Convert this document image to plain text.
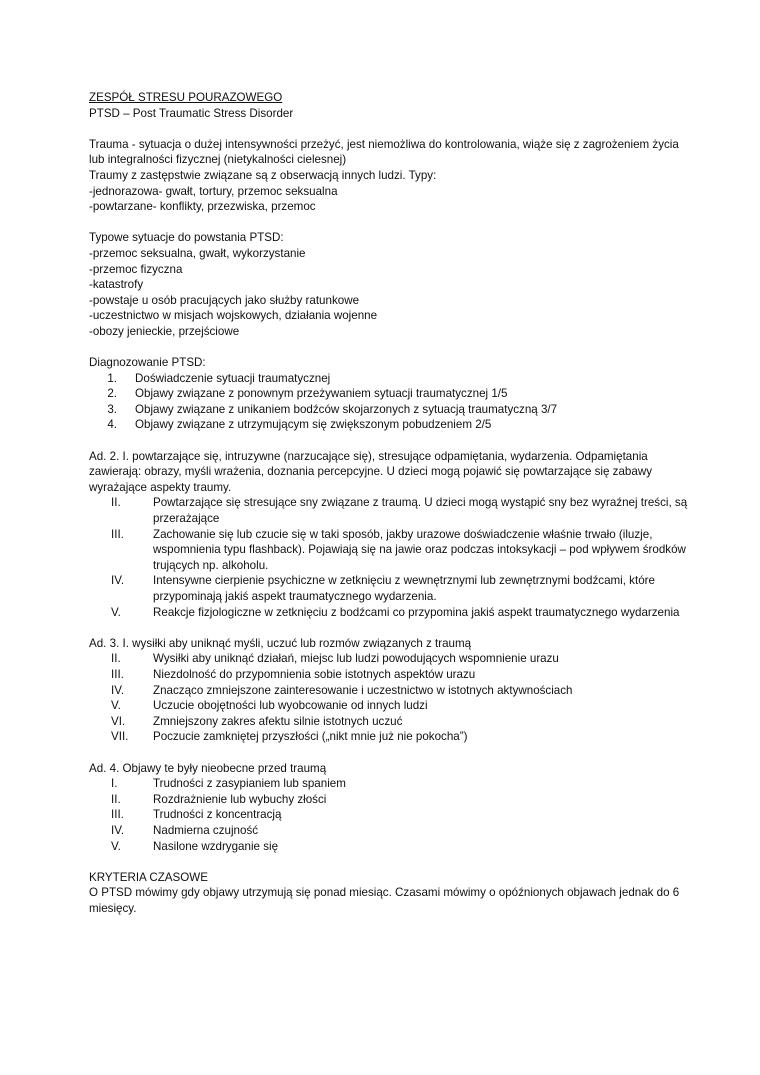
ZESPÓŁ STRESU POURAZOWEGO

PTSD – Post Traumatic Stress Disorder

Trauma - sytuacja o dużej intensywności przeżyć, jest niemożliwa do kontrolowania, wiąże się z zagrożeniem życia lub integralności fizycznej (nietykalności cielesnej)

Traumy z zastępstwie związane są z obserwacją innych ludzi. Typy:

-jednorazowa- gwałt, tortury, przemoc seksualna

-powtarzane- konflikty, przezwiska, przemoc

Typowe sytuacje do powstania PTSD:

-przemoc seksualna, gwałt, wykorzystanie

-przemoc fizyczna

-katastrofy

-powstaje u osób pracujących jako służby ratunkowe

-uczestnictwo w misjach wojskowych, działania wojenne

-obozy jenieckie, przejściowe

Diagnozowanie PTSD:

1.	Doświadczenie sytuacji traumatycznej
2.	Objawy związane z ponownym przeżywaniem sytuacji traumatycznej 1/5
3.	Objawy związane z unikaniem bodźców skojarzonych z sytuacją traumatyczną 3/7
4.	Objawy związane z utrzymującym się zwiększonym pobudzeniem 2/5

Ad. 2. I. powtarzające się, intruzywne (narzucające się), stresujące odpamiętania, wydarzenia. Odpamiętania zawierają: obrazy, myśli wrażenia, doznania percepcyjne. U dzieci mogą pojawić się powtarzające się zabawy wyrażające aspekty traumy.

II.	Powtarzające się stresujące sny związane z traumą. U dzieci mogą wystąpić sny bez wyraźnej treści, są przerażające
III.	Zachowanie się lub czucie się w taki sposób, jakby urazowe doświadczenie właśnie trwało (iluzje, wspomnienia typu flashback). Pojawiają się na jawie oraz podczas intoksykacji – pod wpływem środków trujących np. alkoholu.
IV.	Intensywne cierpienie psychiczne w zetknięciu z wewnętrznymi lub zewnętrznymi bodźcami, które przypominają jakiś aspekt traumatycznego wydarzenia.
V.	Reakcje fizjologiczne w zetknięciu z bodźcami co przypomina jakiś aspekt traumatycznego wydarzenia

Ad. 3. I. wysiłki aby uniknąć myśli, uczuć lub rozmów związanych z traumą

II.	Wysiłki aby uniknąć działań, miejsc lub ludzi powodujących wspomnienie urazu
III.	Niezdolność do przypomnienia sobie istotnych aspektów urazu
IV.	Znacząco zmniejszone zainteresowanie i uczestnictwo w istotnych aktywnościach
V.	Uczucie obojętności lub wyobcowanie od innych ludzi
VI.	Zmniejszony zakres afektu silnie istotnych uczuć
VII.	Poczucie zamkniętej przyszłości („nikt mnie już nie pokocha”)

Ad. 4. Objawy te były nieobecne przed traumą

I.	Trudności z zasypianiem lub spaniem
II.	Rozdrażnienie lub wybuchy złości
III.	Trudności z koncentracją
IV.	Nadmierna czujność
V.	Nasilone wzdryganie się

KRYTERIA CZASOWE

O PTSD mówimy gdy objawy utrzymują się ponad miesiąc. Czasami mówimy o opóźnionych objawach jednak do 6 miesięcy.
